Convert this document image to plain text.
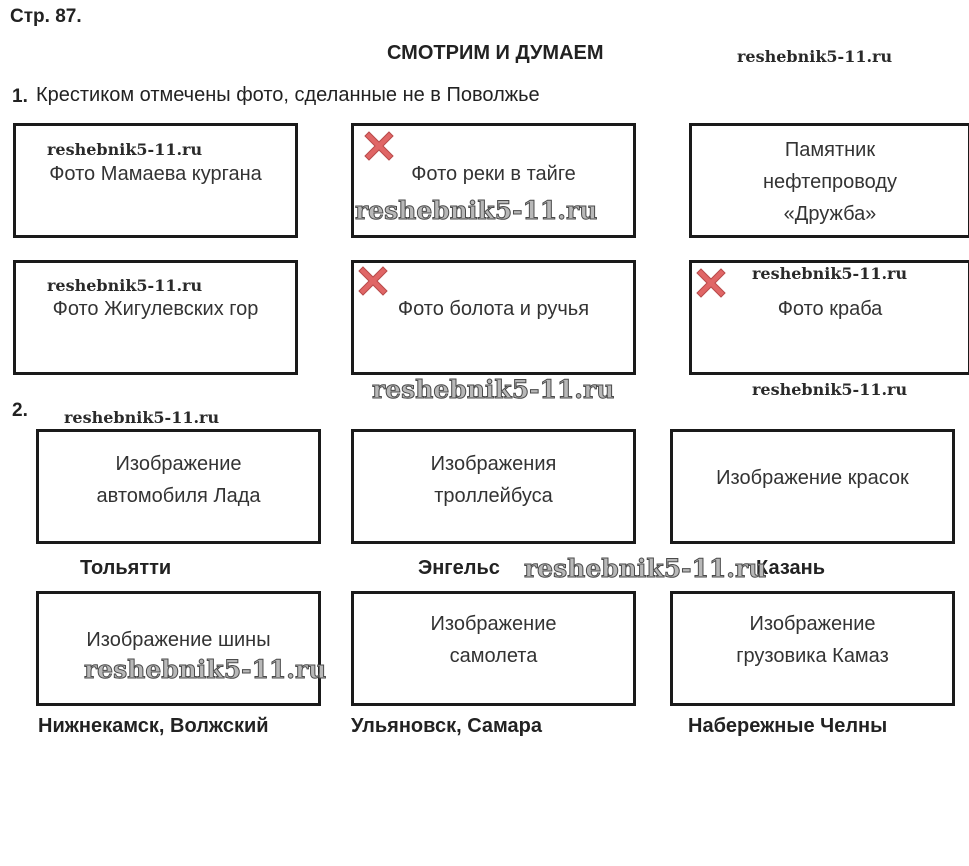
Стр. 87.
СМОТРИМ И ДУМАЕМ
1. Крестиком отмечены фото, сделанные не в Поволжье
Фото Мамаева кургана	Фото реки в тайге
Памятник
нефтепроводу
«Дружба»
Фото Жигулевских гор	Фото болота и ручья	Фото краба
2.
Изображение
автомобиля Лада
Изображения
троллейбуса
Изображение красок
Тольятти	Энгельс	Казань
Изображение шины
Изображение
самолета
Изображение
грузовика Камаз
Нижнекамск, Волжский	Ульяновск, Самара	Набережные Челны
reshebnik5-11.ru
reshebnik5-11.ru
reshebnik5-11.ru
reshebnik5-11.ru
reshebnik5-11.ru
reshebnik5-11.ru	reshebnik5-11.ru
reshebnik5-11.ru
reshebnik5-11.ru
reshebnik5-11.ru
